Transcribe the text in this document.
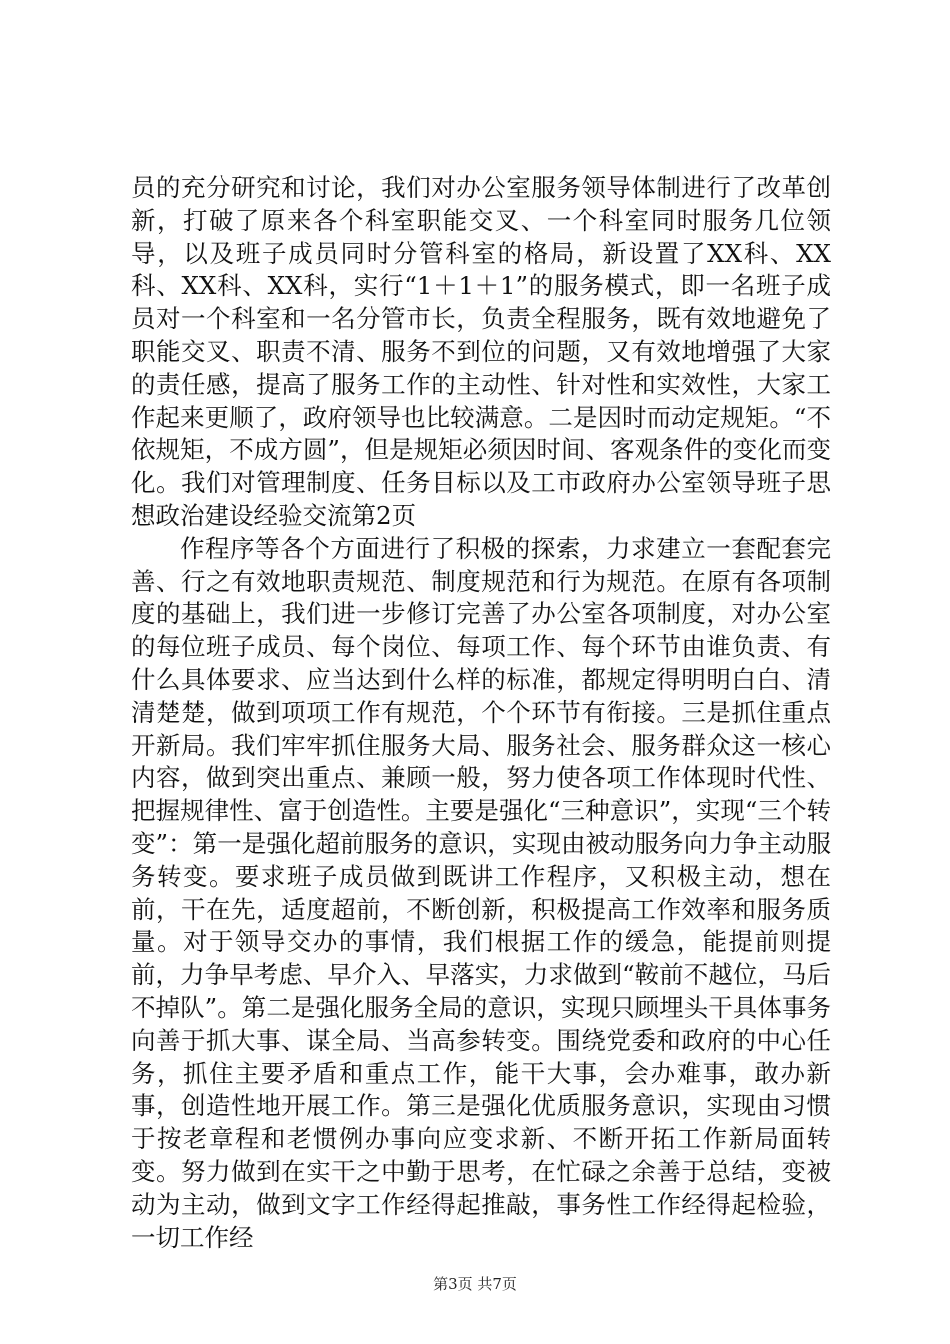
员的充分研究和讨论，我们对办公室服务领导体制进行了改革创新，打破了原来各个科室职能交叉、一个科室同时服务几位领导，以及班子成员同时分管科室的格局，新设置了XX科、XX科、XX科、XX科，实行“1＋1＋1”的服务模式，即一名班子成员对一个科室和一名分管市长，负责全程服务，既有效地避免了职能交叉、职责不清、服务不到位的问题，又有效地增强了大家的责任感，提高了服务工作的主动性、针对性和实效性，大家工作起来更顺了，政府领导也比较满意。二是因时而动定规矩。“不依规矩，不成方圆”，但是规矩必须因时间、客观条件的变化而变化。我们对管理制度、任务目标以及工市政府办公室领导班子思想政治建设经验交流第2页

作程序等各个方面进行了积极的探索，力求建立一套配套完善、行之有效地职责规范、制度规范和行为规范。在原有各项制度的基础上，我们进一步修订完善了办公室各项制度，对办公室的每位班子成员、每个岗位、每项工作、每个环节由谁负责、有什么具体要求、应当达到什么样的标准，都规定得明明白白、清清楚楚，做到项项工作有规范，个个环节有衔接。三是抓住重点开新局。我们牢牢抓住服务大局、服务社会、服务群众这一核心内容，做到突出重点、兼顾一般，努力使各项工作体现时代性、把握规律性、富于创造性。主要是强化“三种意识”，实现“三个转变”：第一是强化超前服务的意识，实现由被动服务向力争主动服务转变。要求班子成员做到既讲工作程序，又积极主动，想在前，干在先，适度超前，不断创新，积极提高工作效率和服务质量。对于领导交办的事情，我们根据工作的缓急，能提前则提前，力争早考虑、早介入、早落实，力求做到“鞍前不越位，马后不掉队”。第二是强化服务全局的意识，实现只顾埋头干具体事务向善于抓大事、谋全局、当高参转变。围绕党委和政府的中心任务，抓住主要矛盾和重点工作，能干大事，会办难事，敢办新事，创造性地开展工作。第三是强化优质服务意识，实现由习惯于按老章程和老惯例办事向应变求新、不断开拓工作新局面转变。努力做到在实干之中勤于思考，在忙碌之余善于总结，变被动为主动，做到文字工作经得起推敲，事务性工作经得起检验，一切工作经

第3页 共7页
